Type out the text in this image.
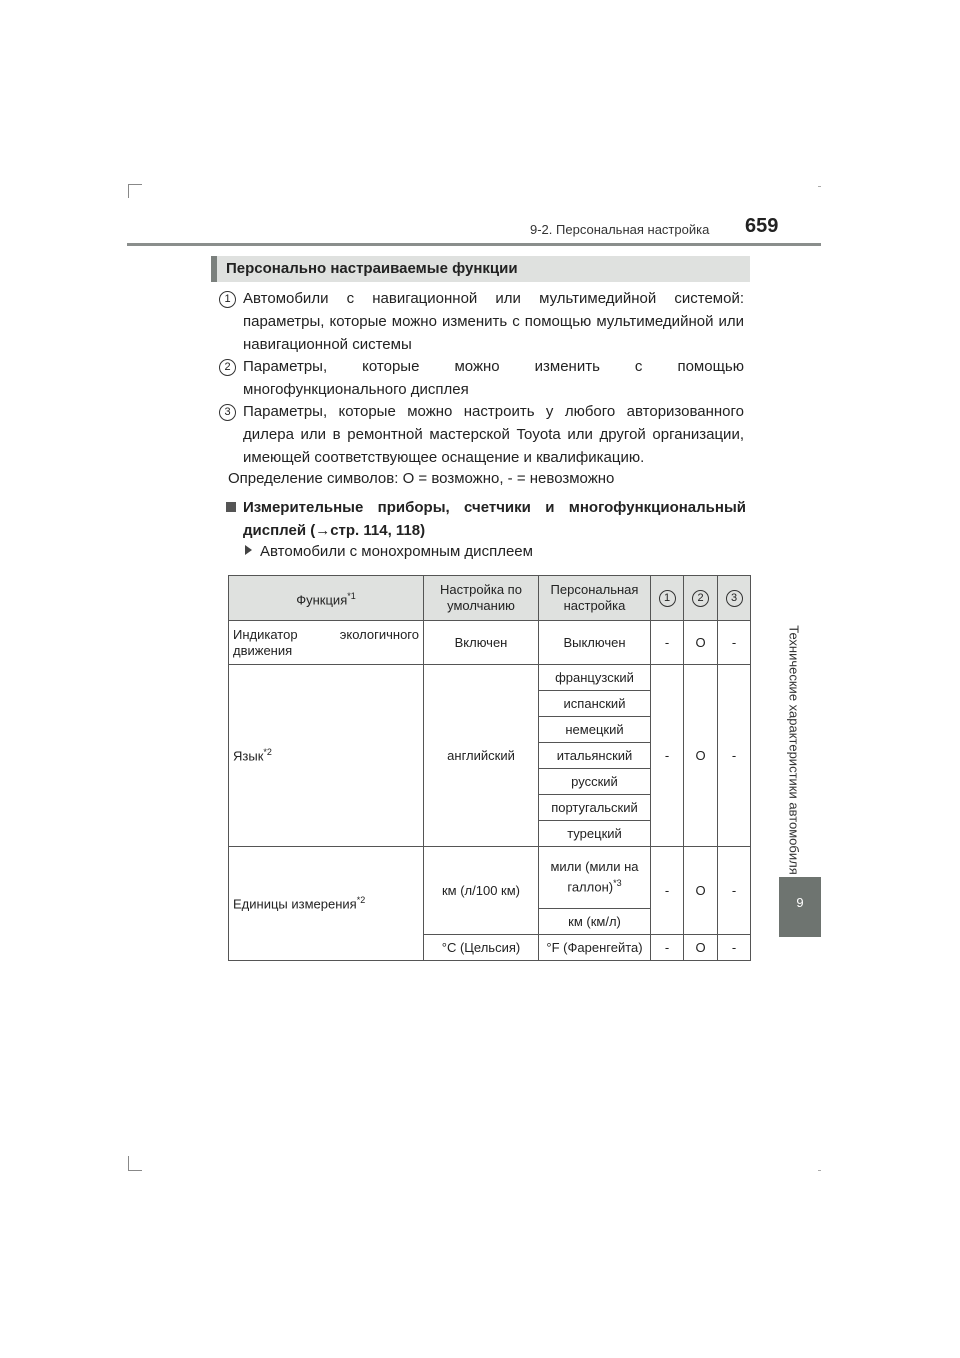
9-2. Персональная настройка 659
Технические характеристики автомобиля
9
Персонально настраиваемые функции
1 Автомобили с навигационной или мультимедийной системой: параметры, которые можно изменить с помощью мультимедийной или навигационной системы
2 Параметры, которые можно изменить с помощью многофункционального дисплея
3 Параметры, которые можно настроить у любого авторизованного дилера или в ремонтной мастерской Toyota или другой организации, имеющей соответствующее оснащение и квалификацию.
Определение символов: О = возможно, - = невозможно
Измерительные приборы, счетчики и многофункциональный дисплей (→стр. 114, 118)
Автомобили с монохромным дисплеем
Функция$^{*1}$	Настройка по умолчанию	Персональная настройка	1	2	3

Индикатор экологичного движения	Включен	Выключен	-	О	-
Язык$^{*2}$	английский	французский	-	О	-
		испанский			
		немецкий			
		итальянский			
		русский			
		португальский			
		турецкий			
Единицы измерения$^{*2}$	км (л/100 км)	мили (мили на галлон)$^{*3}$	-	О	-
		км (км/л)			
	°C (Цельсия)	°F (Фаренгейта)	-	О	-
